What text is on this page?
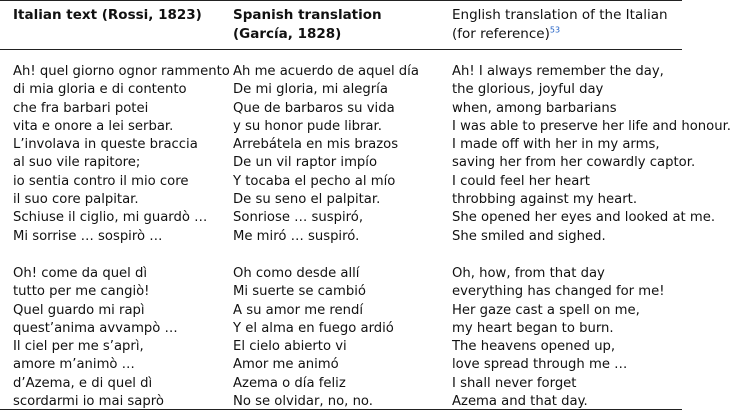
Italian text (Rossi, 1823) Spanish translation
(García, 1828)
English translation of the Italian
(for reference)$^{53}$
Ah! quel giorno ognor rammento
di mia gloria e di contento
che fra barbari potei
vita e onore a lei serbar.
L’involava in queste braccia
al suo vile rapitore;
io sentia contro il mio core
il suo core palpitar.
Schiuse il ciglio, mi guardò …
Mi sorrise … sospirò …
Ah me acuerdo de aquel día
De mi gloria, mi alegría
Que de barbaros su vida
y su honor pude librar.
Arrebátela en mis brazos
De un vil raptor impío
Y tocaba el pecho al mío
De su seno el palpitar.
Sonriose … suspiró,
Me miró … suspiró.
Ah! I always remember the day,
the glorious, joyful day
when, among barbarians
I was able to preserve her life and honour.
I made off with her in my arms,
saving her from her cowardly captor.
I could feel her heart
throbbing against my heart.
She opened her eyes and looked at me.
She smiled and sighed.
Oh! come da quel dì
tutto per me cangiò!
Quel guardo mi rapì
quest’anima avvampò …
Il ciel per me s’aprì,
amore m’animò …
d’Azema, e di quel dì
scordarmi io mai saprò
Oh como desde allí
Mi suerte se cambió
A su amor me rendí
Y el alma en fuego ardió
El cielo abierto vi
Amor me animó
Azema o día feliz
No se olvidar, no, no.
Oh, how, from that day
everything has changed for me!
Her gaze cast a spell on me,
my heart began to burn.
The heavens opened up,
love spread through me …
I shall never forget
Azema and that day.
